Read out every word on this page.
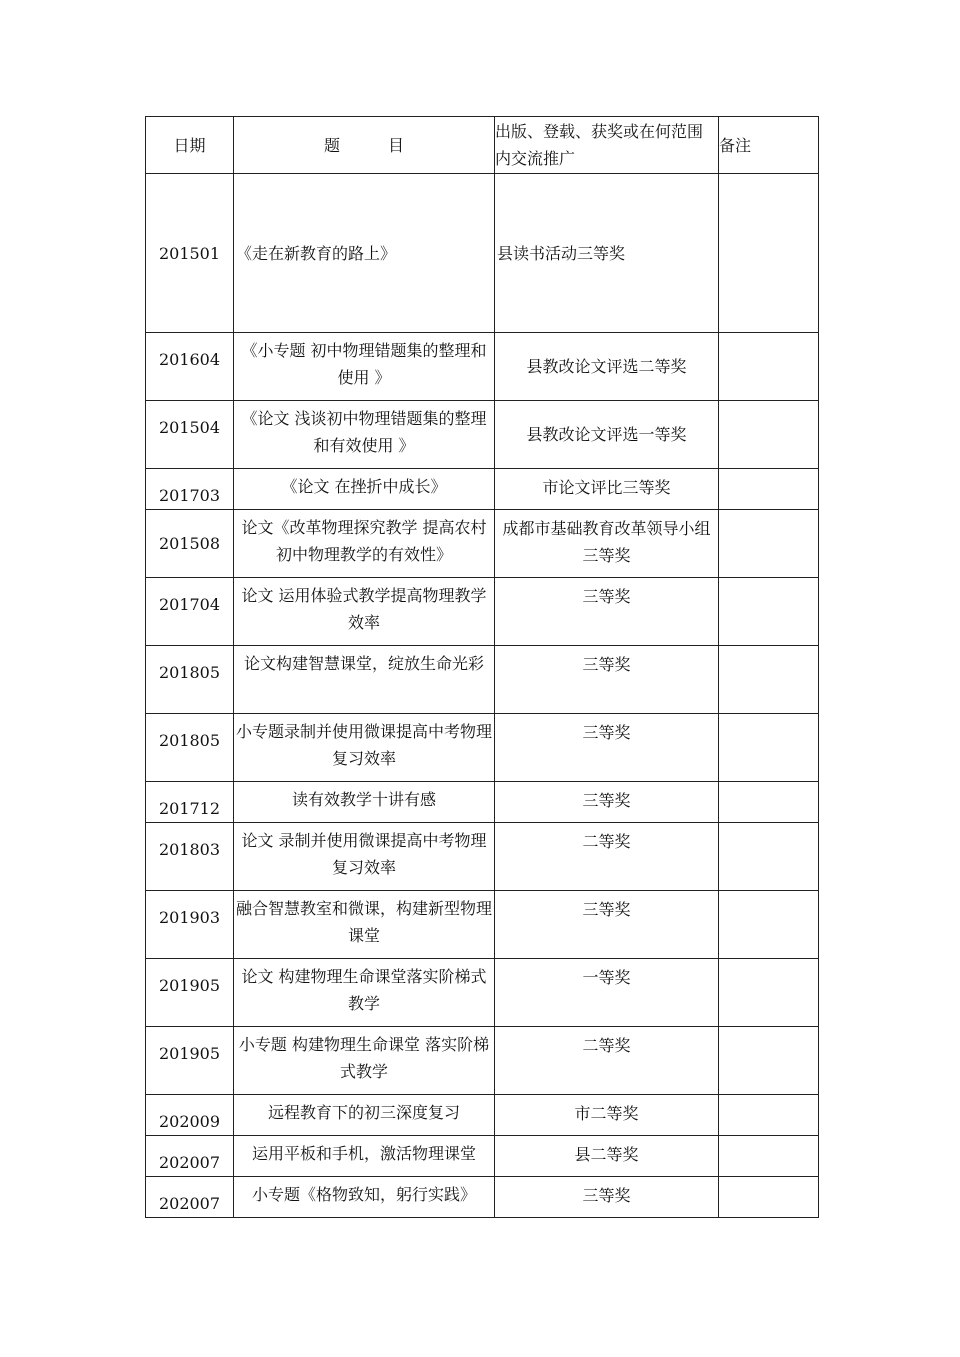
日期	题　　　目	出版、登载、获奖或在何范围内交流推广	备注
201501	《走在新教育的路上》	县读书活动三等奖	
201604	《小专题 初中物理错题集的整理和使用 》	县教改论文评选二等奖	
201504	《论文 浅谈初中物理错题集的整理和有效使用 》	县教改论文评选一等奖	
201703	《论文 在挫折中成长》	市论文评比三等奖	
201508	论文《改革物理探究教学 提高农村初中物理教学的有效性》	成都市基础教育改革领导小组三等奖	
201704	论文 运用体验式教学提高物理教学效率	三等奖	
201805	论文构建智慧课堂，绽放生命光彩	三等奖	
201805	小专题录制并使用微课提高中考物理复习效率	三等奖	
201712	读有效教学十讲有感	三等奖	
201803	论文 录制并使用微课提高中考物理复习效率	二等奖	
201903	融合智慧教室和微课，构建新型物理课堂	三等奖	
201905	论文 构建物理生命课堂落实阶梯式教学	一等奖	
201905	小专题 构建物理生命课堂 落实阶梯式教学	二等奖	
202009	远程教育下的初三深度复习	市二等奖	
202007	运用平板和手机，激活物理课堂	县二等奖	
202007	小专题《格物致知，躬行实践》	三等奖	
